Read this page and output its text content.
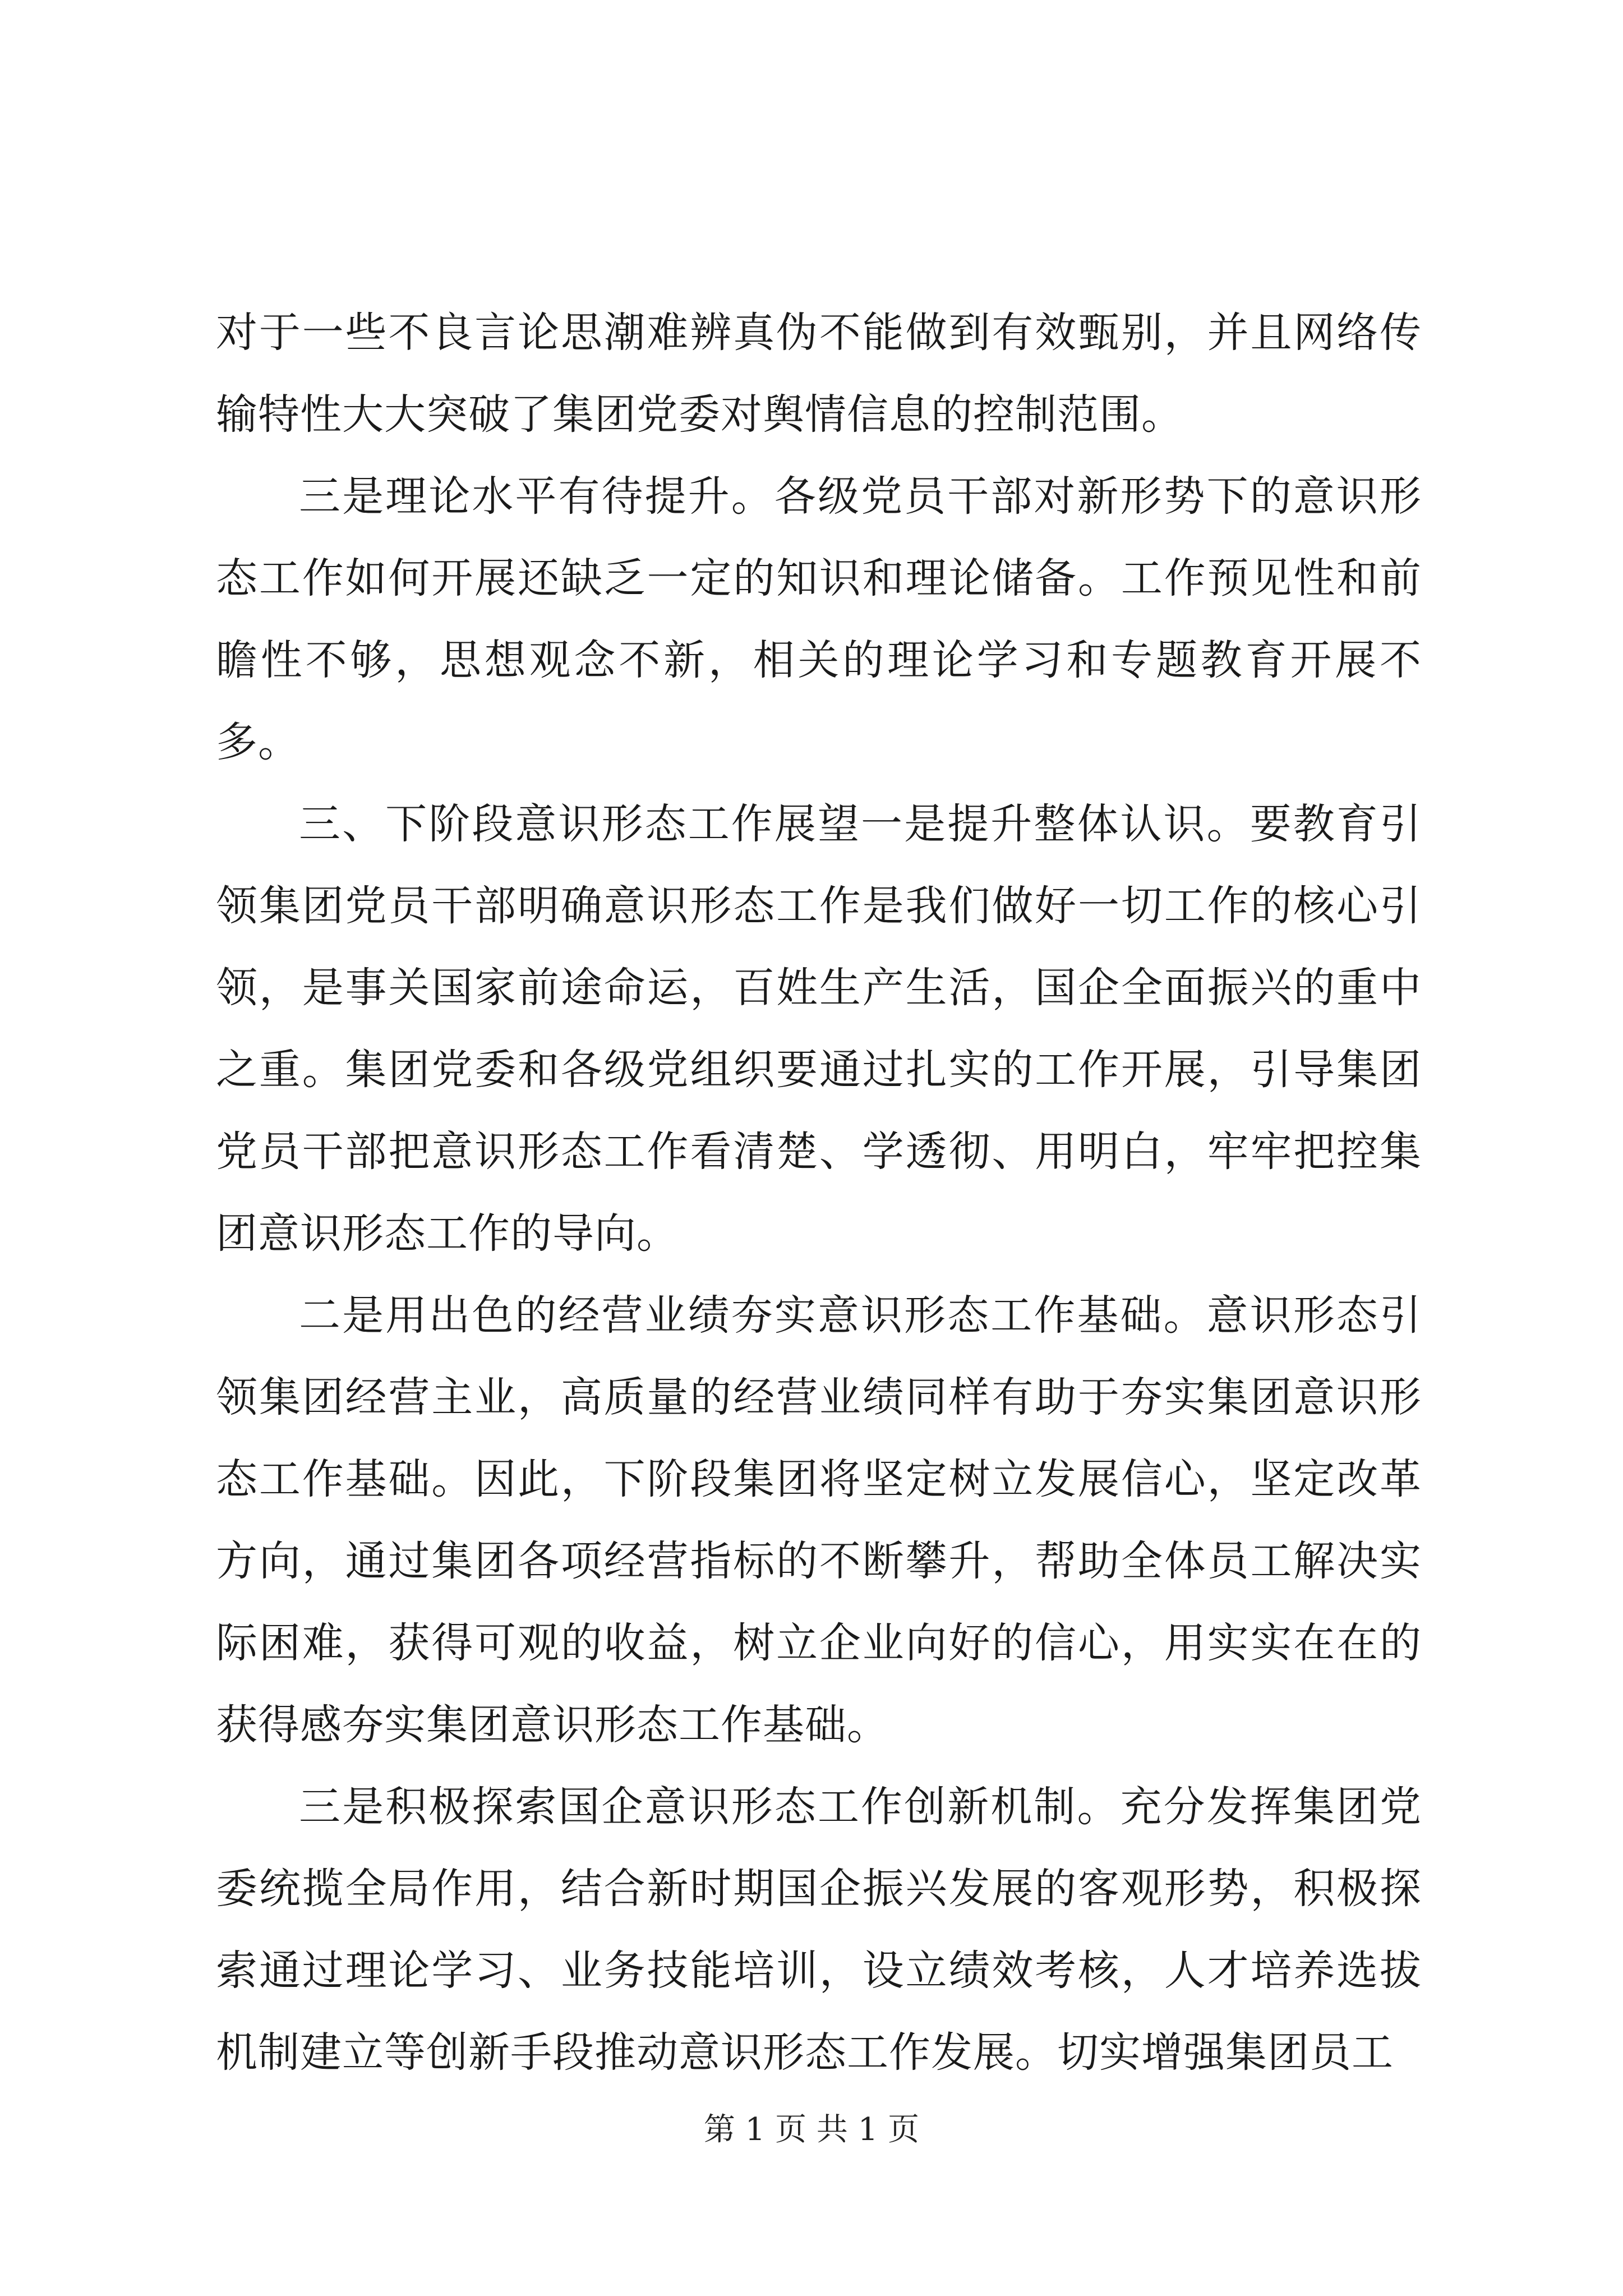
对于一些不良言论思潮难辨真伪不能做到有效甄别，并且网络传输特性大大突破了集团党委对舆情信息的控制范围。

三是理论水平有待提升。各级党员干部对新形势下的意识形态工作如何开展还缺乏一定的知识和理论储备。工作预见性和前瞻性不够，思想观念不新，相关的理论学习和专题教育开展不多。

三、下阶段意识形态工作展望一是提升整体认识。要教育引领集团党员干部明确意识形态工作是我们做好一切工作的核心引领，是事关国家前途命运，百姓生产生活，国企全面振兴的重中之重。集团党委和各级党组织要通过扎实的工作开展，引导集团党员干部把意识形态工作看清楚、学透彻、用明白，牢牢把控集团意识形态工作的导向。

二是用出色的经营业绩夯实意识形态工作基础。意识形态引领集团经营主业，高质量的经营业绩同样有助于夯实集团意识形态工作基础。因此，下阶段集团将坚定树立发展信心，坚定改革方向，通过集团各项经营指标的不断攀升，帮助全体员工解决实际困难，获得可观的收益，树立企业向好的信心，用实实在在的获得感夯实集团意识形态工作基础。

三是积极探索国企意识形态工作创新机制。充分发挥集团党委统揽全局作用，结合新时期国企振兴发展的客观形势，积极探索通过理论学习、业务技能培训，设立绩效考核，人才培养选拔机制建立等创新手段推动意识形态工作发展。切实增强集团员工

第 1 页 共 1 页
